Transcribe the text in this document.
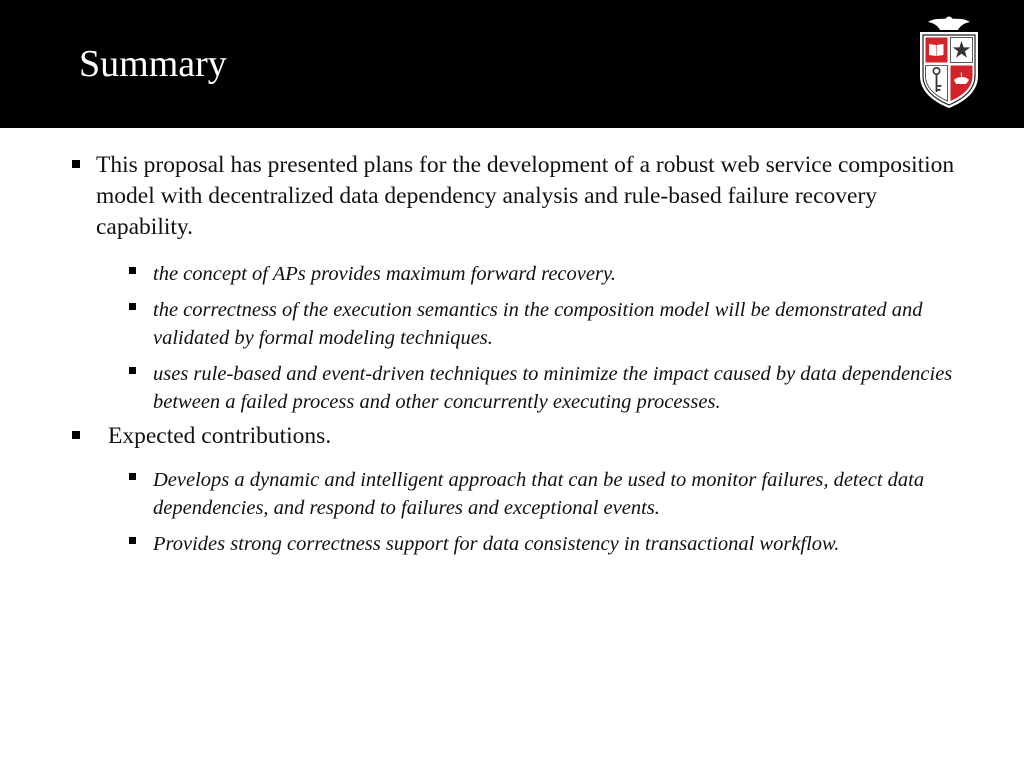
Summary
This proposal has presented plans for the development of a robust web service composition model with decentralized data dependency analysis and rule-based failure recovery capability.
the concept of APs provides maximum forward recovery.
the correctness of the execution semantics in the composition model will be demonstrated and validated by formal modeling techniques.
uses rule-based and event-driven techniques to minimize the impact caused by data dependencies between a failed process and other concurrently executing processes.
Expected contributions.
Develops a dynamic and intelligent approach that can be used to monitor failures, detect data dependencies, and respond to failures and exceptional events.
Provides strong correctness support for data consistency in transactional workflow.
